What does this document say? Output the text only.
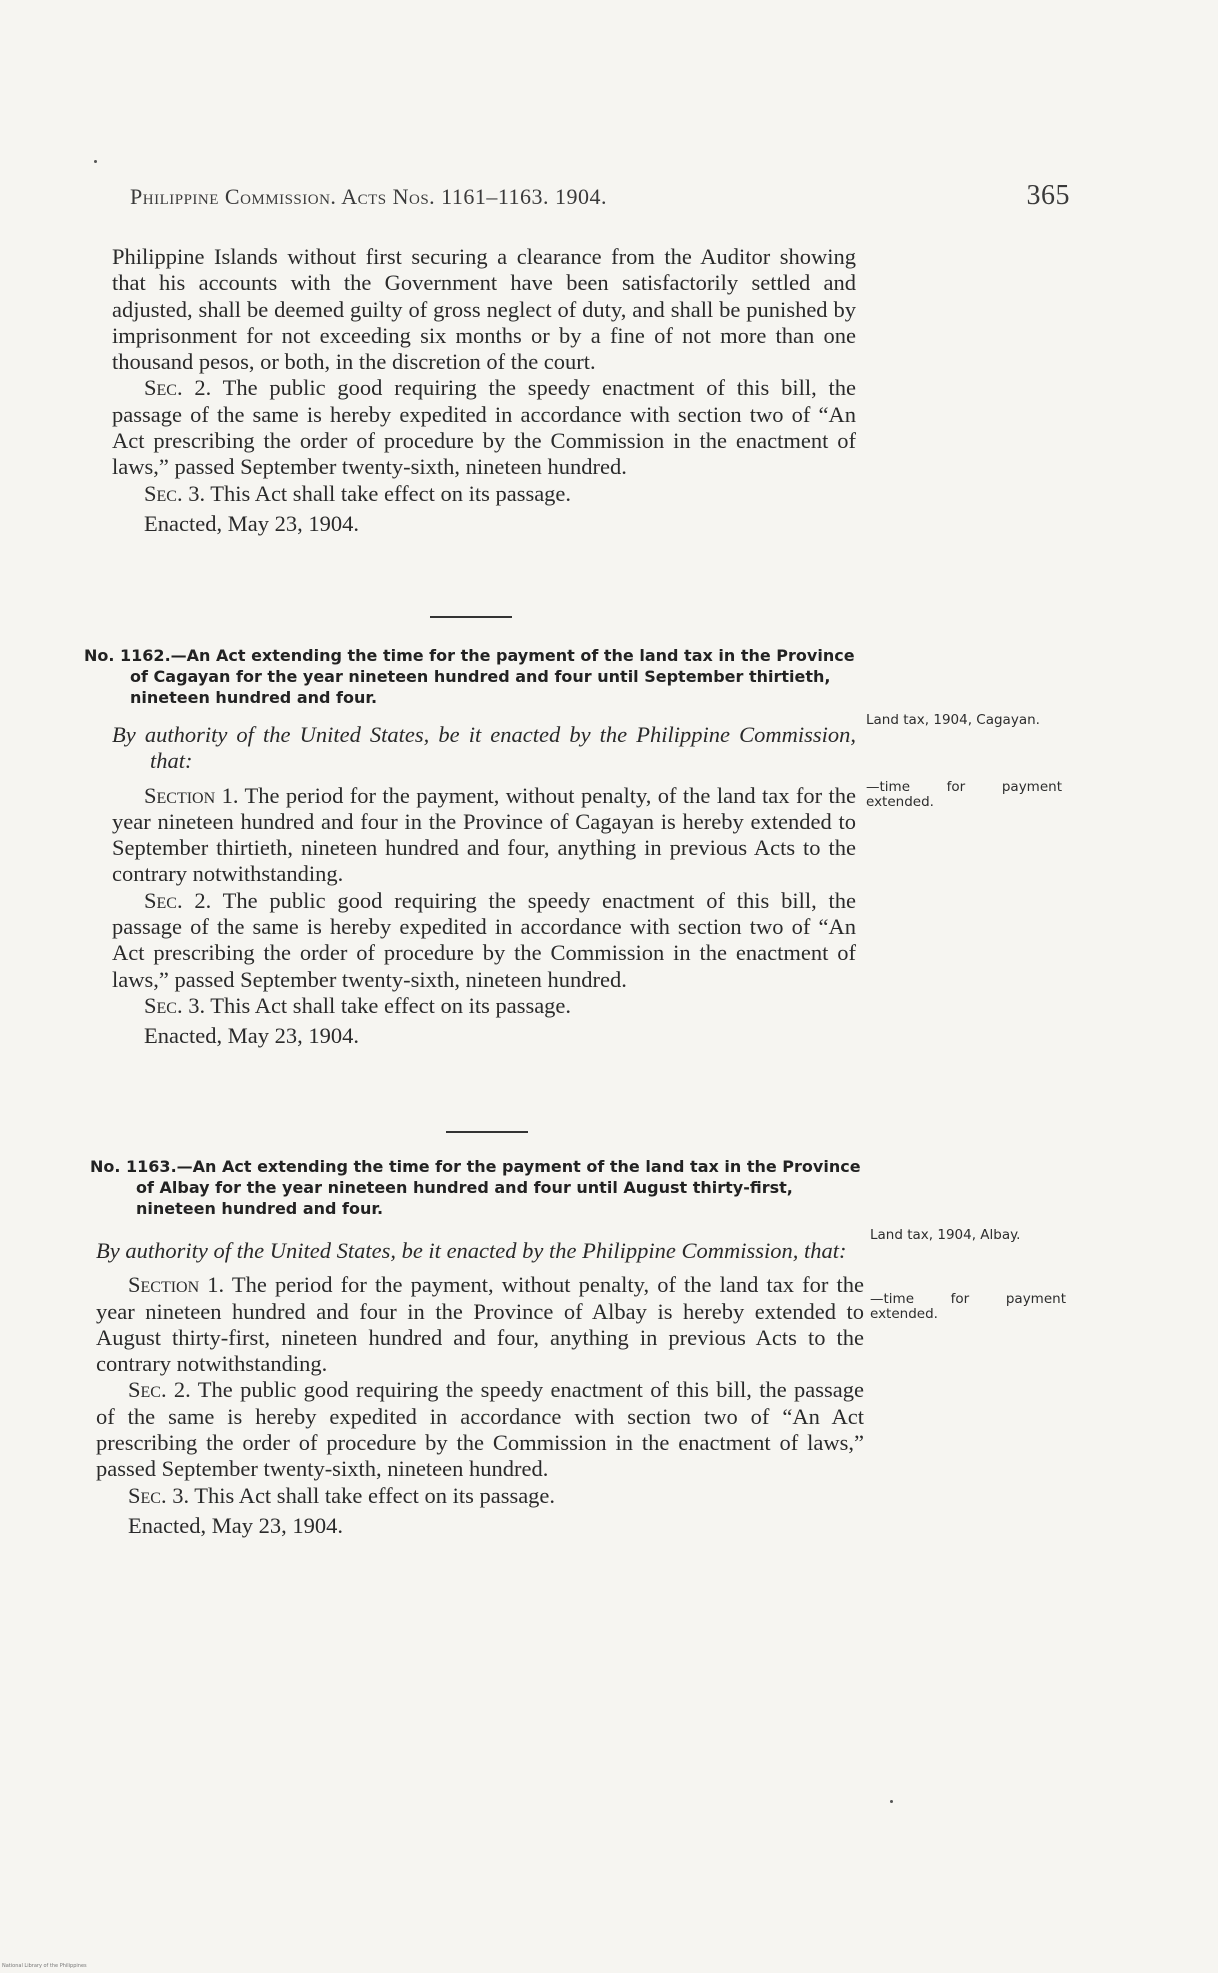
Philippine Commission. Acts Nos. 1161–1163. 1904.	365

Philippine Islands without first securing a clearance from the Auditor showing that his accounts with the Government have been satisfactorily settled and adjusted, shall be deemed guilty of gross neglect of duty, and shall be punished by imprisonment for not exceeding six months or by a fine of not more than one thousand pesos, or both, in the discretion of the court.

Sec. 2. The public good requiring the speedy enactment of this bill, the passage of the same is hereby expedited in accordance with section two of “An Act prescribing the order of procedure by the Commission in the enactment of laws,” passed September twenty-sixth, nineteen hundred.

Sec. 3. This Act shall take effect on its passage.

Enacted, May 23, 1904.

No. 1162.—An Act extending the time for the payment of the land tax in the Province of Cagayan for the year nineteen hundred and four until September thirtieth, nineteen hundred and four.

By authority of the United States, be it enacted by the Philippine Commission, that:

Section 1. The period for the payment, without penalty, of the land tax for the year nineteen hundred and four in the Province of Cagayan is hereby extended to September thirtieth, nineteen hundred and four, anything in previous Acts to the contrary notwithstanding.

Sec. 2. The public good requiring the speedy enactment of this bill, the passage of the same is hereby expedited in accordance with section two of “An Act prescribing the order of procedure by the Commission in the enactment of laws,” passed September twenty-sixth, nineteen hundred.

Sec. 3. This Act shall take effect on its passage.

Enacted, May 23, 1904.

Land tax, 1904, Cagayan.
—time for payment extended.
No. 1163.—An Act extending the time for the payment of the land tax in the Province of Albay for the year nineteen hundred and four until August thirty-first, nineteen hundred and four.

By authority of the United States, be it enacted by the Philippine Commission, that:

Section 1. The period for the payment, without penalty, of the land tax for the year nineteen hundred and four in the Province of Albay is hereby extended to August thirty-first, nineteen hundred and four, anything in previous Acts to the contrary notwithstanding.

Sec. 2. The public good requiring the speedy enactment of this bill, the passage of the same is hereby expedited in accordance with section two of “An Act prescribing the order of procedure by the Commission in the enactment of laws,” passed September twenty-sixth, nineteen hundred.

Sec. 3. This Act shall take effect on its passage.

Enacted, May 23, 1904.

Land tax, 1904, Albay.
—time for payment extended.
National Library of the Philippines
